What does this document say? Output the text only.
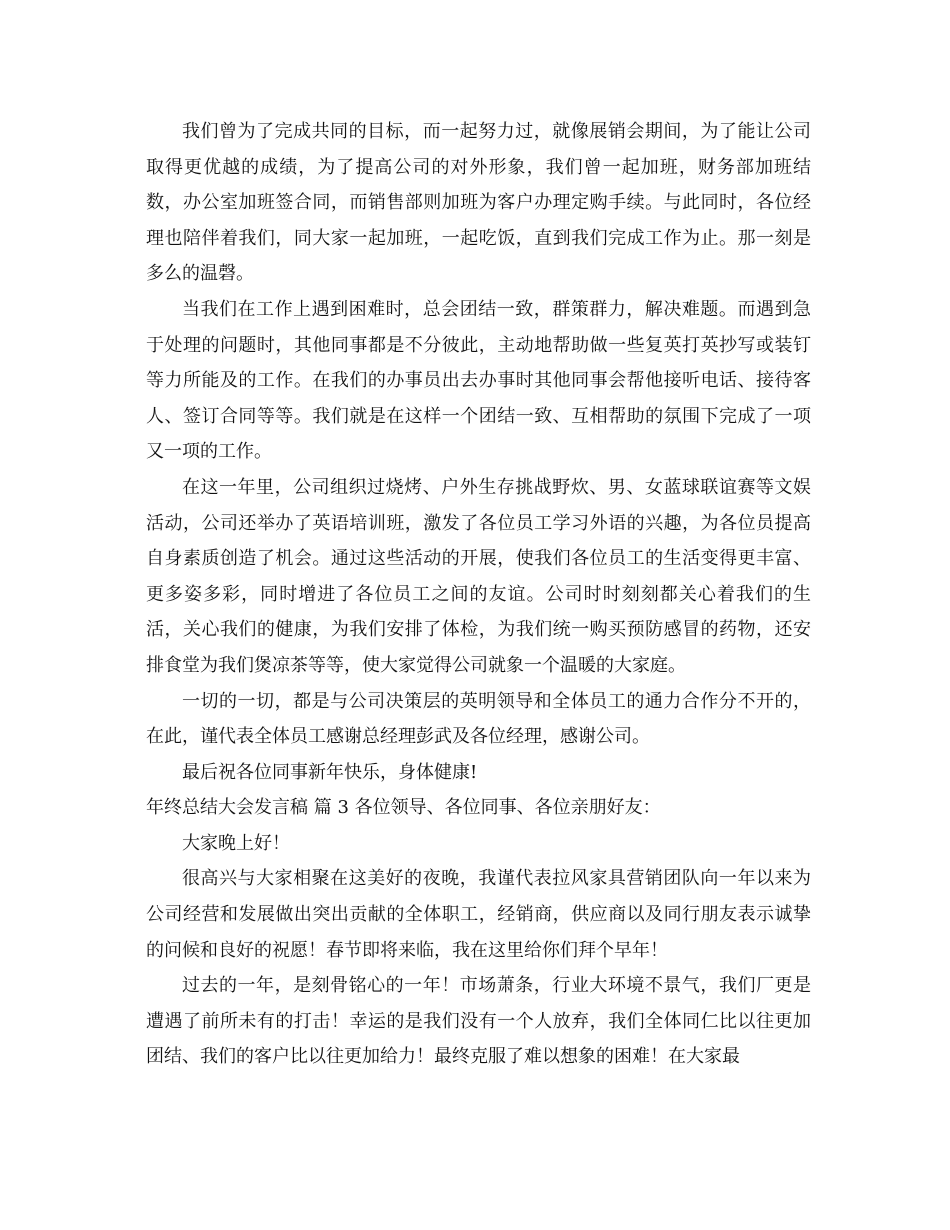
我们曾为了完成共同的目标，而一起努力过，就像展销会期间，为了能让公司取得更优越的成绩，为了提高公司的对外形象，我们曾一起加班，财务部加班结数，办公室加班签合同，而销售部则加班为客户办理定购手续。与此同时，各位经理也陪伴着我们，同大家一起加班，一起吃饭，直到我们完成工作为止。那一刻是多么的温磬。

当我们在工作上遇到困难时，总会团结一致，群策群力，解决难题。而遇到急于处理的问题时，其他同事都是不分彼此，主动地帮助做一些复英打英抄写或装钉等力所能及的工作。在我们的办事员出去办事时其他同事会帮他接听电话、接待客人、签订合同等等。我们就是在这样一个团结一致、互相帮助的氛围下完成了一项又一项的工作。

在这一年里，公司组织过烧烤、户外生存挑战野炊、男、女蓝球联谊赛等文娱活动，公司还举办了英语培训班，激发了各位员工学习外语的兴趣，为各位员提高自身素质创造了机会。通过这些活动的开展，使我们各位员工的生活变得更丰富、更多姿多彩，同时增进了各位员工之间的友谊。公司时时刻刻都关心着我们的生活，关心我们的健康，为我们安排了体检，为我们统一购买预防感冒的药物，还安排食堂为我们煲凉茶等等，使大家觉得公司就象一个温暖的大家庭。

一切的一切，都是与公司决策层的英明领导和全体员工的通力合作分不开的，在此，谨代表全体员工感谢总经理彭武及各位经理，感谢公司。

最后祝各位同事新年快乐，身体健康!

年终总结大会发言稿 篇 3 各位领导、各位同事、各位亲朋好友：

大家晚上好！

很高兴与大家相聚在这美好的夜晚，我谨代表拉风家具营销团队向一年以来为公司经营和发展做出突出贡献的全体职工，经销商，供应商以及同行朋友表示诚挚的问候和良好的祝愿！春节即将来临，我在这里给你们拜个早年！

过去的一年，是刻骨铭心的一年！市场萧条，行业大环境不景气，我们厂更是遭遇了前所未有的打击！幸运的是我们没有一个人放弃，我们全体同仁比以往更加团结、我们的客户比以往更加给力！最终克服了难以想象的困难！在大家最
